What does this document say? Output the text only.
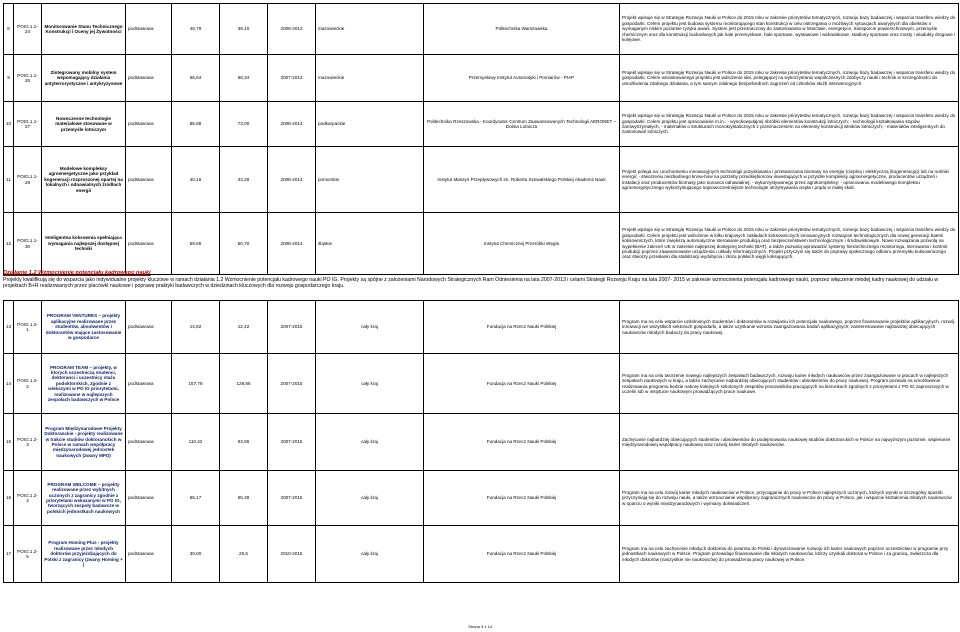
8	POIG.1.1-24	Monitorowanie Stanu Technicznego Konstrukcji i Oceny jej Żywotności	podstawowa	46,79	39,10	2008-2012	mazowieckie	Politechnika Warszawska	Projekt wpisuje się w Strategię Rozwoju Nauki w Polsce do 2015 roku w zakresie priorytetów tematycznych, rozwoju bazy badawczej i wsparcia transferu wiedzy do gospodarki. Celem projektu jest budowa systemu monitorującego stan konstrukcji w celu ostrzegania o możliwych sytuacjach awaryjnych dla obiektów o wymaganym niskim poziomie ryzyka awarii. System jest przeznaczony do zastosowania w lotnictwie, energetyce, transporcie powierzchniowym, przemyśle chemicznym oraz dla konstrukcji budowlanych jak hale przemysłowe, hale sportowe, wystawowe i widowiskowe, stadiony sportowe oraz mosty i wiadukty drogowe i kolejowe.
9	POIG.1.1-25	Zintegrowany mobilny system wspomagający działania antyterrorystyczne i antykryzysowe	podstawowa	68,64	58,34	2007-2013	mazowieckie	Przemysłowy Instytut Automatyki i Pomiarów - PIAP	Projekt wpisuje się w Strategię Rozwoju Nauki w Polsce do 2015 roku w zakresie priorytetów tematycznych, rozwoju bazy badawczej i wsparcia transferu wiedzy do gospodarki. Celem wnioskowanego projektu jest wdrożenie idei, polegającej na wykorzystaniu współczesnych zdobyczy nauki i technik w szczególności do umożliwienia zdalnego działania, a tym samym zdalnego bezpośrednich zagrożeń od członków służb interwencyjnych.
10	POIG.1.1-27	Nowoczesne technologie materiałowe stosowane w przemyśle lotniczym	podstawowa	85,88	73,00	2008-2013	podkarpackie	Politechnika Rzeszowska - Koordynator Centrum Zaawansowanych Technologii AERONET – Dolina Lotnicza	Projekt wpisuje się w Strategię Rozwoju Nauki w Polsce do 2015 roku w zakresie priorytetów tematycznych, rozwoju bazy badawczej i wsparcia transferu wiedzy do gospodarki. Celem projektu jest opracowanie m.in.: - wysokowydajnej obróbki elementów konstrukcji lotniczych; - technologii kształtowania stopów żarowytrzymałych; - materiałów o strukturach monokrystalicznych z przeznaczeniem na elementy konstrukcji silników lotniczych; - materiałów inteligentnych do zastosowań lotniczych.
11	POIG.1.1-28	Modelowe kompleksy agroenergetyczne jako przykład kogeneracji rozproszonej opartej na lokalnych i odnawialnych źródłach energii	podstawowa	40,16	33,28	2008-2013	pomorskie	Instytut Maszyn Przepływowych im. Roberta Szewalskiego Polskiej Akademii Nauk	Projekt polega na: uruchomieniu innowacyjnych technologii pozyskiwania i przetwarzania biomasy na energię (cieplną i elektryczną (kogeneracja)) lub na nośniki energii; - stworzeniu niezbędnego know-how na potrzeby przedsiębiorców inwestujących w przyszłe kompleksy agroenergetyczne, producentów urządzeń i instalacji oraz producentów biomasy jako surowca odnawialnej; - wykorzystywanego przez agrokompleksy; - opracowaniu modelowego kompleksu agroenergetycznego wykorzystującego najnowocześniejsze technologie otrzymywania ciepła i prądu w małej skali.
12	POIG.1.1-30	Inteligentna koksownia spełniająca wymagania najlepszej dostępnej techniki	podstawowa	59,65	50,70	2008-2014	śląskie	Instytut Chemicznej Przeróbki Węgla	Projekt wpisuje się w Strategię Rozwoju Nauki w Polsce do 2015 roku w zakresie priorytetów tematycznych, rozwoju bazy badawczej i wsparcia transferu wiedzy do gospodarki. Celem projektu jest wdrożenie w kilku krajowych zakładach koksowniczych innowacyjnych rozwiązań technologicznych dla nowej generacji baterii koksowniczych, które zwiększą automatyczne sterowanie produkcją oraz bezpieczeństwem technologicznym i środowiskowym. Nowe rozwiązania pozwolą na wypełnienie zaleceń UE w zakresie najlepszej dostępnej techniki (BAT), a także pozwolą wprowadzić systemy hierarchicznego monitoringu, sterowania i kontroli produkcji poprzez zaawansowane urządzenia i układy informatycznych. Projekt przyczyni się także do poprawy społecznego odbioru przemysłu koksowniczego oraz stworzy przesłanki dla stabilizacji wydobycia i złożu polskich węgli koksujących.
Działanie 1.2 Wzmocnienie potencjału kadrowego nauki
Projekty kwalifikują się do wsparcia jako indywidualne projekty kluczowe w ramach działania 1.2 Wzmocnienie potencjału kadrowego nauki PO IG. Projekty są spójne z założeniami Narodowych Strategicznych Ram Odniesienia na lata 2007-2013 i celami Strategii Rozwoju Kraju na lata 2007- 2015 w zakresie wzmocnienia potencjału kadrowego nauki, poprzez włączenie młodej kadry naukowej do udziału w projektach B+R realizowanych przez placówki naukowe i poprawę praktyki badawczych w dziedzinach kluczowych dla rozwoju gospodarczego kraju.
13	POIG.1.2-1	PROGRAM VENTURES – projekty aplikacyjne realizowane przez studentów, absolwentów i doktorantów mające zastosowanie w gospodarce	podstawowa	14,62	12,42	2007-2015	cały kraj	Fundacja na Rzecz Nauki Polskiej	Program ma na celu wsparcie uzdolnionych studentów i doktorantów w rozwijaniu ich potencjału naukowego, poprzez finansowanie projektów aplikacyjnych, rozwój innowacji we wszystkich sektorach gospodarki, a także uzyskanie wzrostu zaangażowania badań aplikacyjnych; zainteresowanie najbardziej obiecujących naukowców młodych badaczy do pracy naukowej.
14	POIG.1.2-2	PROGRAM TEAM – projekty, w ktorych uczestniczą studenci, doktoranci i uczestnicy stażu podoktorskich, zgodnie z wiekszymi w PO IG priorytetami, realizowane w najlepszych zespołach badawczych w Polsce	podstawowa	157,78	129,86	2007-2015	cały kraj	Fundacja na Rzecz Nauki Polskiej	Program ma na celu tworzenie nowego najlepszych zespołach badawczych, rozwoju karier młodych naukowców przez zaangażowanie w pracach w najlepszych zespołach naukowych w kraju, a także zachęcanie najbardziej obiecujących studentów i absolwentów do pracy naukowej. Program pozwala na umożliwienie realizowania programu będzie naborę kolejnych szkolonych zespołów pracowników pracujących na kierunkach zgodnych z priorytetami z PO IG zaproszonych w uczelni lub w instytucie naukowym prowadzących prace naukowe.
15	POIG.1.2-3	Program Międzynarodowe Projekty Doktoranckie - projekty realizowane w trakcie studiów doktoranckich w Polsce w ramach współpracy międzynarodowej jednostek naukowych (zwany MPD)	podstawowa	110,42	93,86	2007-2015	cały kraj	Fundacja na Rzecz Nauki Polskiej	Zachęcanie najbardziej obiecujących studentów i absolwentów do podejmowania naukowej studiów doktoranckich w Polsce na najwyższym poziomie, wspieranie międzynarodowej współpracy naukowej oraz rozwój karier młodych naukowców.
16	POIG.1.2-4	PROGRAM WELCOME – projekty realizowane przez wybitnych uczonych z zagranicy zgodnie z priorytetami wskazanymi w PO IG, tworzących zespoły badawcze w polskich jednostkach naukowych	podstawowa	65,17	55,39	2007-2015	cały kraj	Fundacja na Rzecz Nauki Polskiej	Program ma na celu rozwój karier młodych naukowców w Polsce, przyciąganie do pracy w Polsce najlepszych uczonych, których wyniki w szczególny sposób przyczyniają się do rozwoju nauki, a także wzmacnianie współpracy zagranicznych naukowców do pracy w Polsce, jak i wsparcie kształcenia młodych naukowców w oparciu o wyniki międzynarodowych i wymiany doświadczeń.
17	POIG.1.2-5	Program Homing Plus - projekty realizowane przez młodych doktorów przyjeżdżających do Polski z zagranicy (zwany Homing + )	podstawowa	30,00	25,5	2010-2015	cały kraj	Fundacja na Rzecz Nauki Polskiej	Program ma na celu zachęcenie młodych doktorów do powrotu do Polski i dynamizowanie rozwoju ich karier naukowych poprzez uczestnictwo w programie przy jednostkach naukowych w Polsce. Program przewiduje finansowanie dla młodych naukowców, którzy uzyskali doktorat w Polsce i za granicą, zwłaszcza dla młodych doktorów (naszystkie nie naukowców) do prowadzenia pracy naukowej w Polsce.
Strona 3 z 14
